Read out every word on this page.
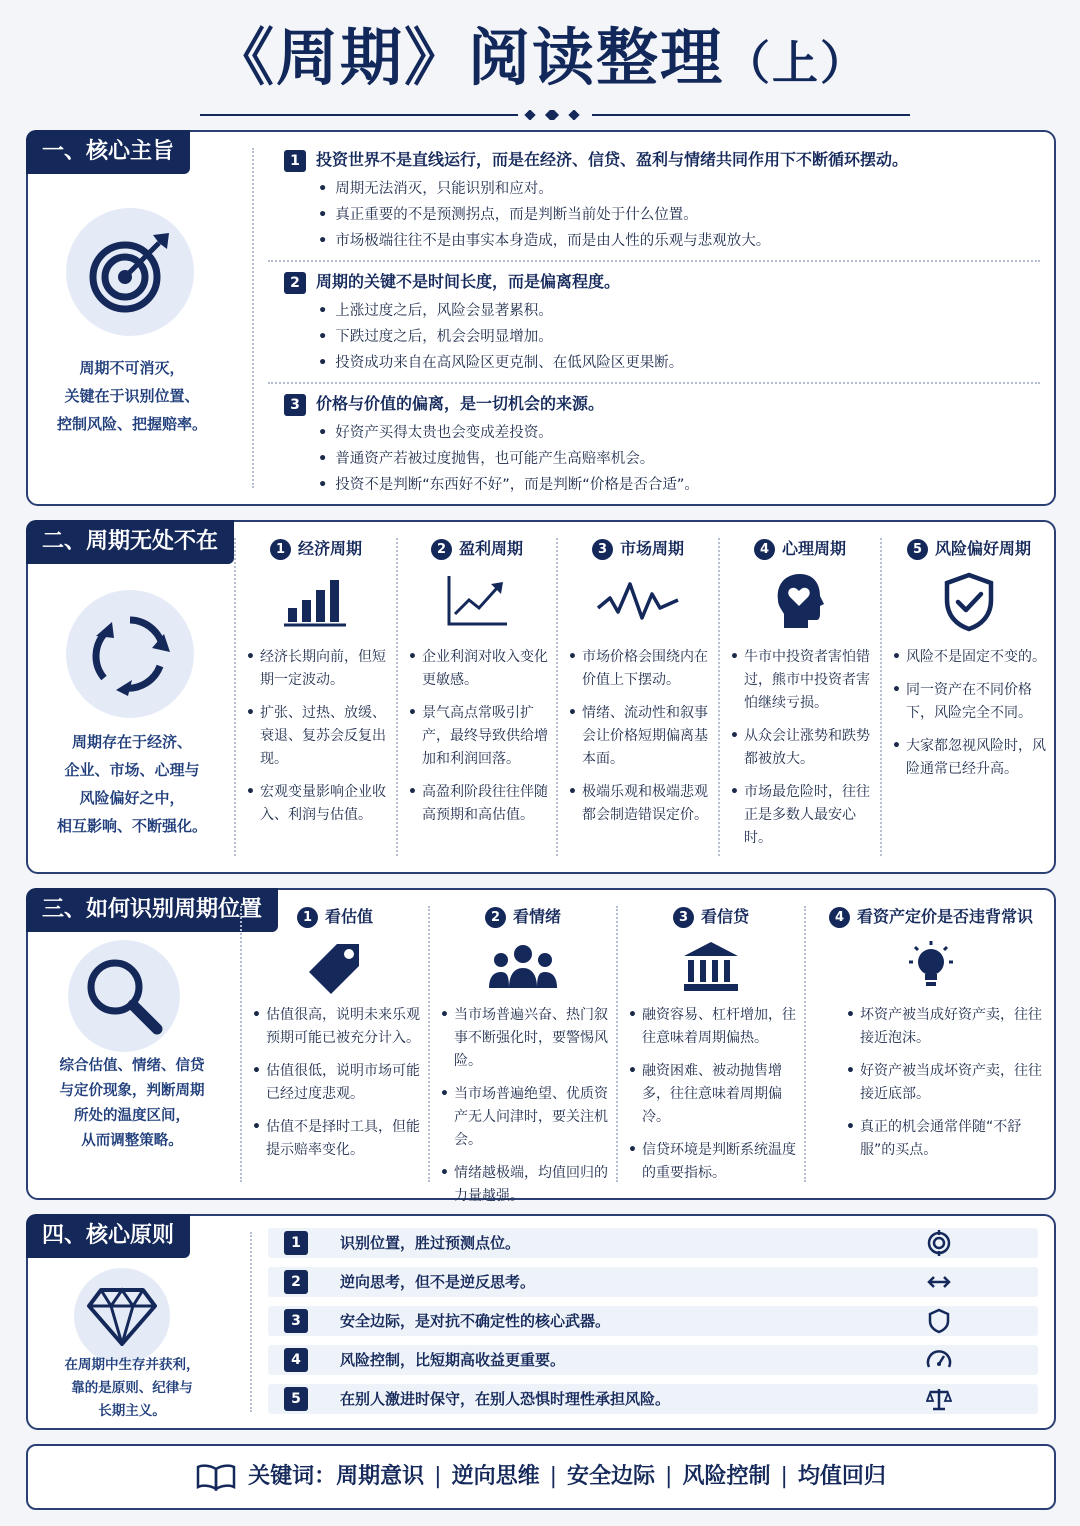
《周期》阅读整理（上）
一、核心主旨
周期不可消灭，
关键在于识别位置、
控制风险、把握赔率。
1 投资世界不是直线运行，而是在经济、信贷、盈利与情绪共同作用下不断循环摆动。
• 周期无法消灭，只能识别和应对。
• 真正重要的不是预测拐点，而是判断当前处于什么位置。
• 市场极端往往不是由事实本身造成，而是由人性的乐观与悲观放大。
2 周期的关键不是时间长度，而是偏离程度。
• 上涨过度之后，风险会显著累积。
• 下跌过度之后，机会会明显增加。
• 投资成功来自在高风险区更克制、在低风险区更果断。
3 价格与价值的偏离，是一切机会的来源。
• 好资产买得太贵也会变成差投资。
• 普通资产若被过度抛售，也可能产生高赔率机会。
• 投资不是判断“东西好不好”，而是判断“价格是否合适”。
二、周期无处不在
周期存在于经济、
企业、市场、心理与
风险偏好之中，
相互影响、不断强化。
1 经济周期
• 经济长期向前，但短期一定波动。
• 扩张、过热、放缓、衰退、复苏会反复出现。
• 宏观变量影响企业收入、利润与估值。
2 盈利周期
• 企业利润对收入变化更敏感。
• 景气高点常吸引扩产，最终导致供给增加和利润回落。
• 高盈利阶段往往伴随高预期和高估值。
3 市场周期
• 市场价格会围绕内在价值上下摆动。
• 情绪、流动性和叙事会让价格短期偏离基本面。
• 极端乐观和极端悲观都会制造错误定价。
4 心理周期
• 牛市中投资者害怕错过，熊市中投资者害怕继续亏损。
• 从众会让涨势和跌势都被放大。
• 市场最危险时，往往正是多数人最安心时。
5 风险偏好周期
• 风险不是固定不变的。
• 同一资产在不同价格下，风险完全不同。
• 大家都忽视风险时，风险通常已经升高。
三、如何识别周期位置
综合估值、情绪、信贷
与定价现象，判断周期
所处的温度区间，
从而调整策略。
1 看估值
• 估值很高，说明未来乐观预期可能已被充分计入。
• 估值很低，说明市场可能已经过度悲观。
• 估值不是择时工具，但能提示赔率变化。
2 看情绪
• 当市场普遍兴奋、热门叙事不断强化时，要警惕风险。
• 当市场普遍绝望、优质资产无人问津时，要关注机会。
• 情绪越极端，均值回归的力量越强。
3 看信贷
• 融资容易、杠杆增加，往往意味着周期偏热。
• 融资困难、被动抛售增多，往往意味着周期偏冷。
• 信贷环境是判断系统温度的重要指标。
4 看资产定价是否违背常识
• 坏资产被当成好资产卖，往往接近泡沫。
• 好资产被当成坏资产卖，往往接近底部。
• 真正的机会通常伴随“不舒服”的买点。
四、核心原则
在周期中生存并获利，
靠的是原则、纪律与
长期主义。
1	识别位置，胜过预测点位。
2	逆向思考，但不是逆反思考。
3	安全边际，是对抗不确定性的核心武器。
4	风险控制，比短期高收益更重要。
5	在别人激进时保守，在别人恐惧时理性承担风险。
关键词：周期意识 | 逆向思维 | 安全边际 | 风险控制 | 均值回归
